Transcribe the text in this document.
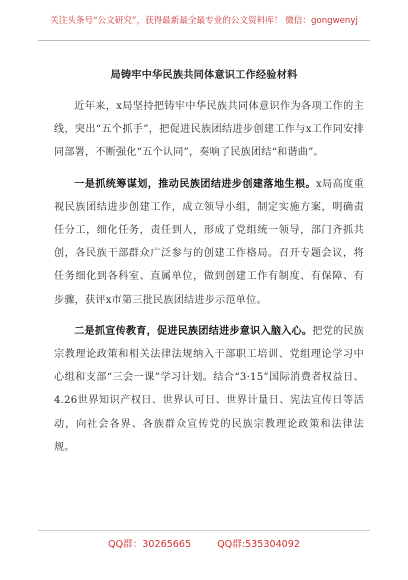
关注头条号“公文研究”，获得最新最全最专业的公文资料库！ 微信：gongwenyj
局铸牢中华民族共同体意识工作经验材料

近年来，x局坚持把铸牢中华民族共同体意识作为各项工作的主线，突出“五个抓手”，把促进民族团结进步创建工作与x工作同安排同部署，不断强化“五个认同”，奏响了民族团结“和谐曲”。

一是抓统筹谋划，推动民族团结进步创建落地生根。x局高度重视民族团结进步创建工作，成立领导小组，制定实施方案，明确责任分工，细化任务，责任到人，形成了党组统一领导，部门齐抓共创，各民族干部群众广泛参与的创建工作格局。召开专题会议，将任务细化到各科室、直属单位，做到创建工作有制度、有保障、有步骤，获评x市第三批民族团结进步示范单位。

二是抓宣传教育，促进民族团结进步意识入脑入心。把党的民族宗教理论政策和相关法律法规纳入干部职工培训、党组理论学习中心组和支部“三会一课”学习计划。结合“3·15”国际消费者权益日、4.26世界知识产权日、世界认可日、世界计量日、宪法宣传日等活动，向社会各界、各族群众宣传党的民族宗教理论政策和法律法规。

QQ群：30265665	QQ群:535304092
